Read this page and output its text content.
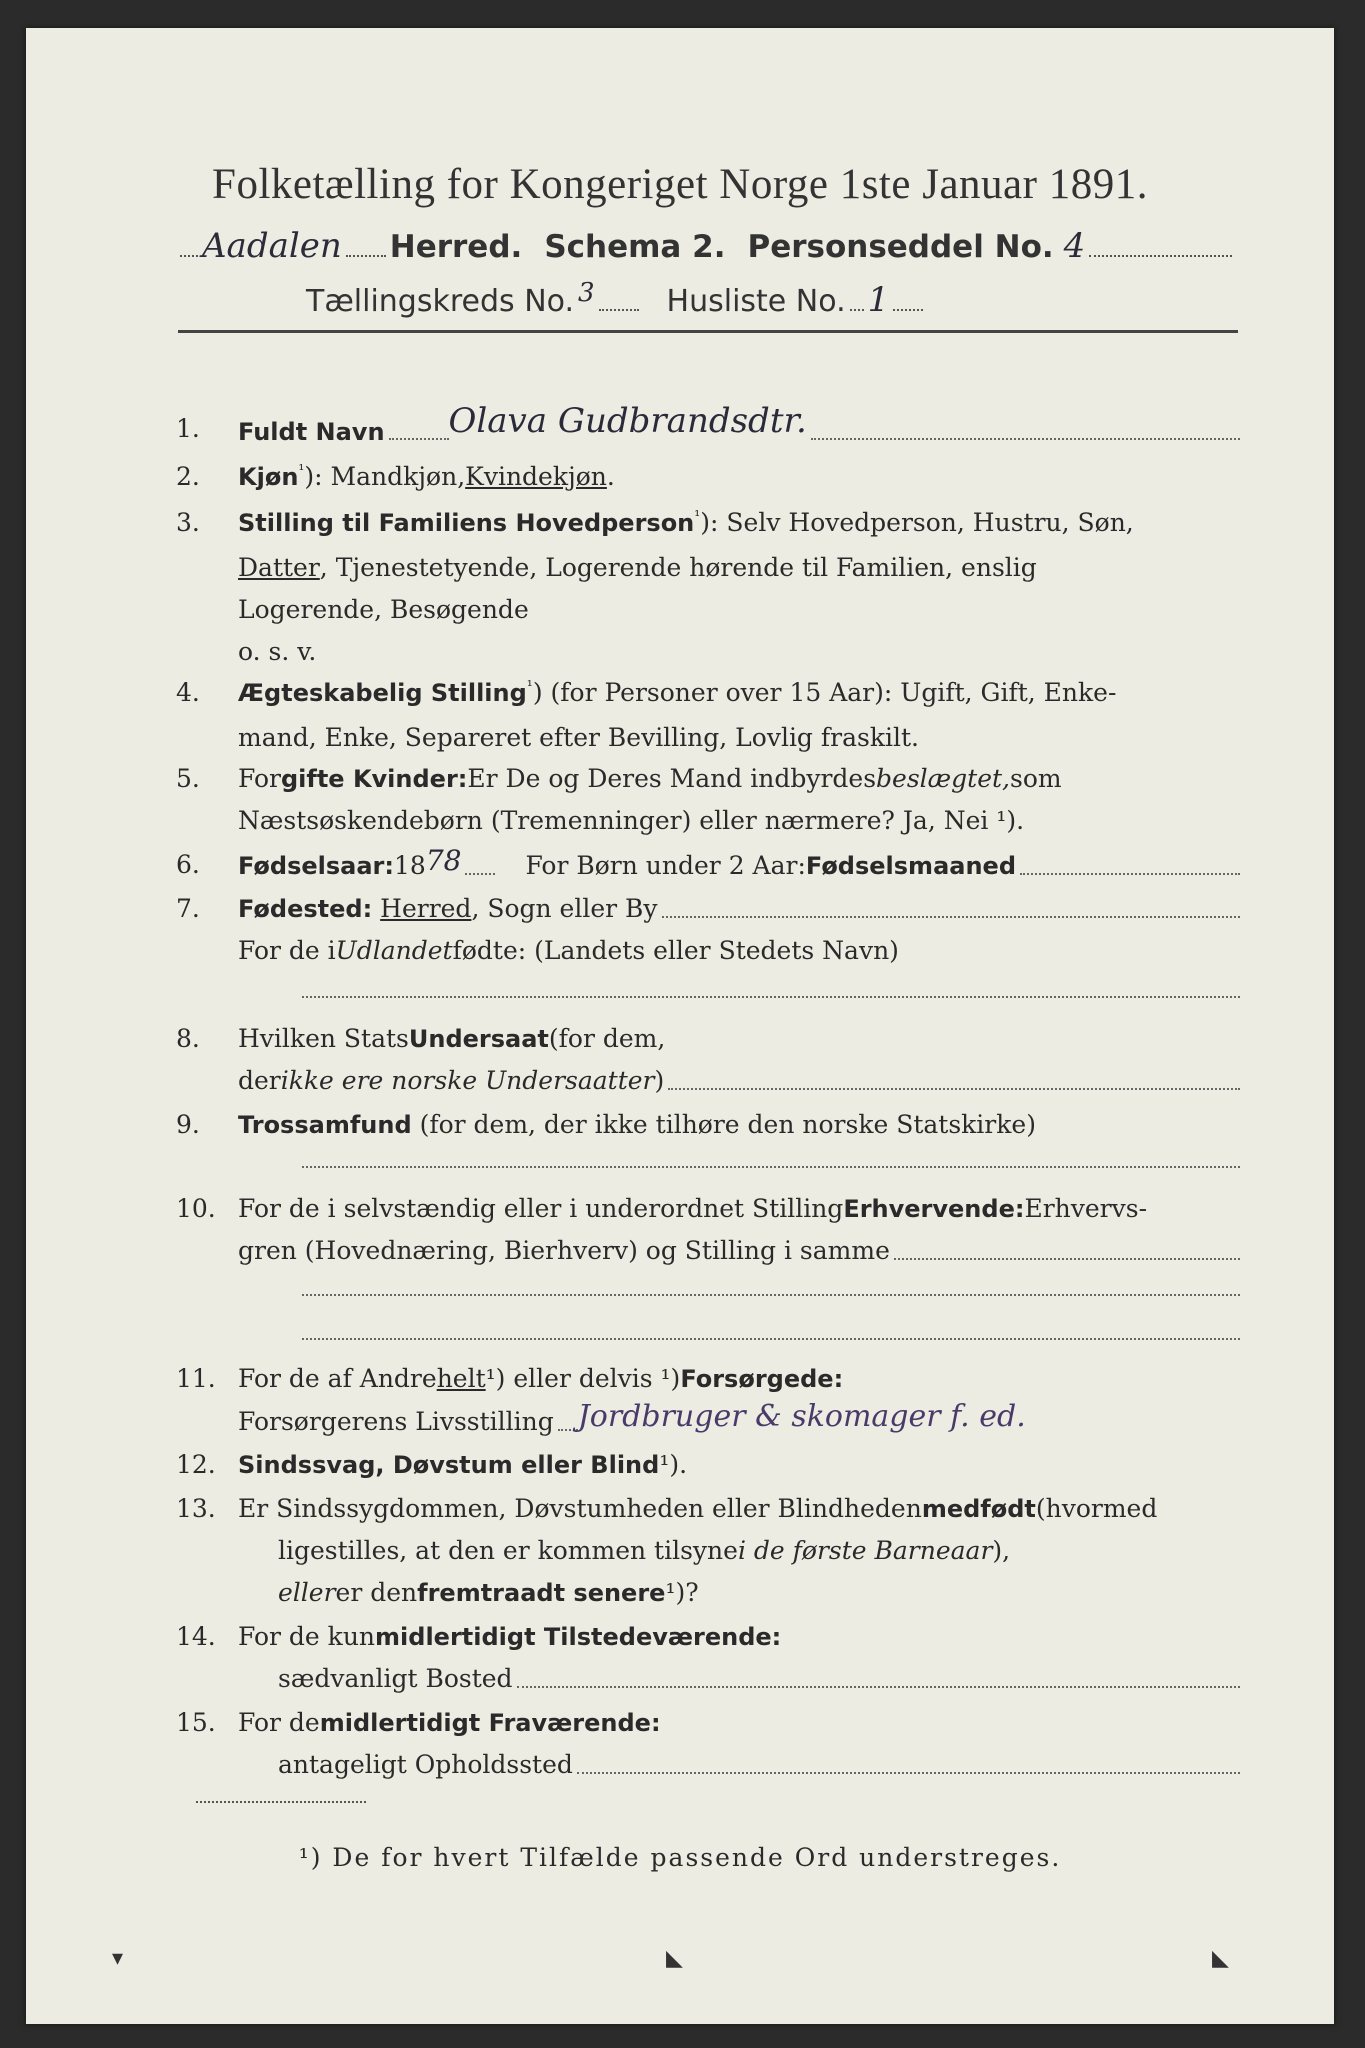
Folketælling for Kongeriget Norge 1ste Januar 1891.
Aadalen Herred. Schema 2. Personseddel No. 4
Tællingskreds No. 3 Husliste No. 1
1.	Fuldt Navn Olava Gudbrandsdtr.
2.	Kjøn ¹ ): Mandkjøn, Kvindekjøn .
3.	Stilling til Familiens Hovedperson ¹ ): Selv Hovedperson, Hustru, Søn,
Datter , Tjenestetyende, Logerende hørende til Familien, enslig
Logerende, Besøgende
o. s. v.
4.	Ægteskabelig Stilling ¹ ) (for Personer over 15 Aar): Ugift, Gift, Enke-
mand, Enke, Separeret efter Bevilling, Lovlig fraskilt.
5.	For gifte Kvinder: Er De og Deres Mand indbyrdes beslægtet, som
Næstsøskendebørn (Tremenninger) eller nærmere? Ja, Nei ¹).
6.	Fødselsaar: 18 78	For Børn under 2 Aar: Fødselsmaaned
7.	Fødested:
Herred , Sogn eller By
For de i Udlandet fødte: (Landets eller Stedets Navn)
8.	Hvilken Stats Undersaat (for dem,
der ikke ere norske Undersaatter )
9.	Trossamfund (for dem, der ikke tilhøre den norske Statskirke)
10. For de i selvstændig eller i underordnet Stilling Erhvervende: Erhvervs-
gren (Hovednæring, Bierhverv) og Stilling i samme
11. For de af Andre helt ¹) eller delvis ¹) Forsørgede:
Forsørgerens Livsstilling Jordbruger & skomager f. ed.
12. Sindssvag, Døvstum eller Blind ¹).
13. Er Sindssygdommen, Døvstumheden eller Blindheden medfødt (hvormed
ligestilles, at den er kommen tilsyne i de første Barneaar ),
eller er den fremtraadt senere ¹)?
14. For de kun midlertidigt Tilstedeværende:
sædvanligt Bosted
15. For de midlertidigt Fraværende:
antageligt Opholdssted
¹) De for hvert Tilfælde passende Ord understreges.
▾	◣	◣
